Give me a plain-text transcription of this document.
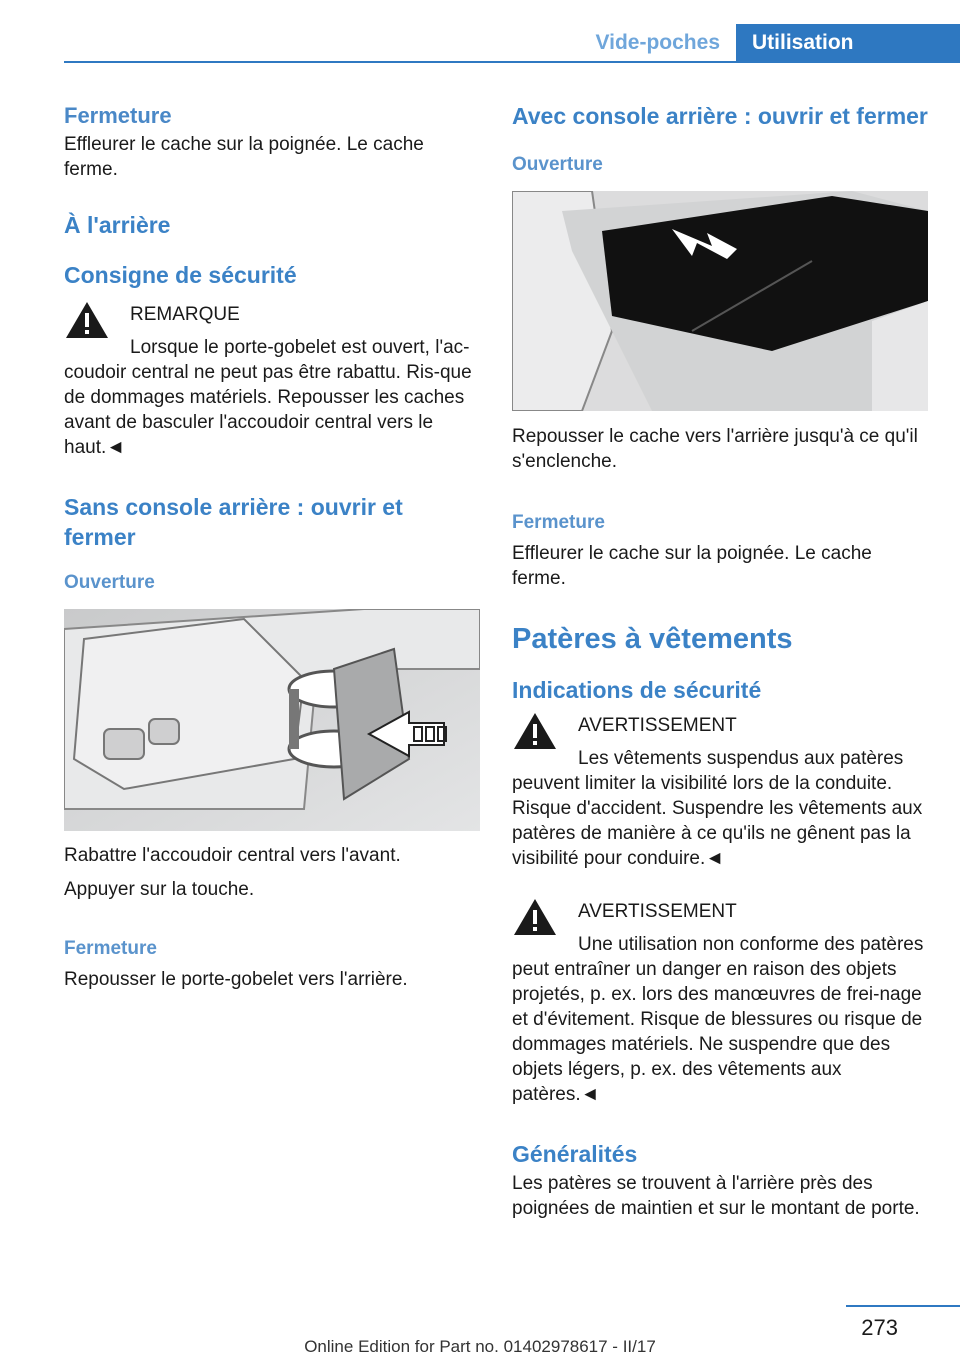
Vide-poches	Utilisation
Fermeture

Effleurer le cache sur la poignée. Le cache ferme.

À l'arrière
Consigne de sécurité
REMARQUE
Lorsque le porte-gobelet est ouvert, l'ac-coudoir central ne peut pas être rabattu. Ris-que de dommages matériels. Repousser les caches avant de basculer l'accoudoir central vers le haut.◄
Sans console arrière : ouvrir et fermer
Ouverture

Rabattre l'accoudoir central vers l'avant.

Appuyer sur la touche.

Fermeture

Repousser le porte-gobelet vers l'arrière.

Avec console arrière : ouvrir et fermer
Ouverture

Repousser le cache vers l'arrière jusqu'à ce qu'il s'enclenche.

Fermeture

Effleurer le cache sur la poignée. Le cache ferme.

Patères à vêtements
Indications de sécurité
AVERTISSEMENT
Les vêtements suspendus aux patères peuvent limiter la visibilité lors de la conduite. Risque d'accident. Suspendre les vêtements aux patères de manière à ce qu'ils ne gênent pas la visibilité pour conduire.◄
AVERTISSEMENT
Une utilisation non conforme des patères peut entraîner un danger en raison des objets projetés, p. ex. lors des manœuvres de frei-nage et d'évitement. Risque de blessures ou risque de dommages matériels. Ne suspendre que des objets légers, p. ex. des vêtements aux patères.◄
Généralités

Les patères se trouvent à l'arrière près des poignées de maintien et sur le montant de porte.

273
Online Edition for Part no. 01402978617 - II/17
